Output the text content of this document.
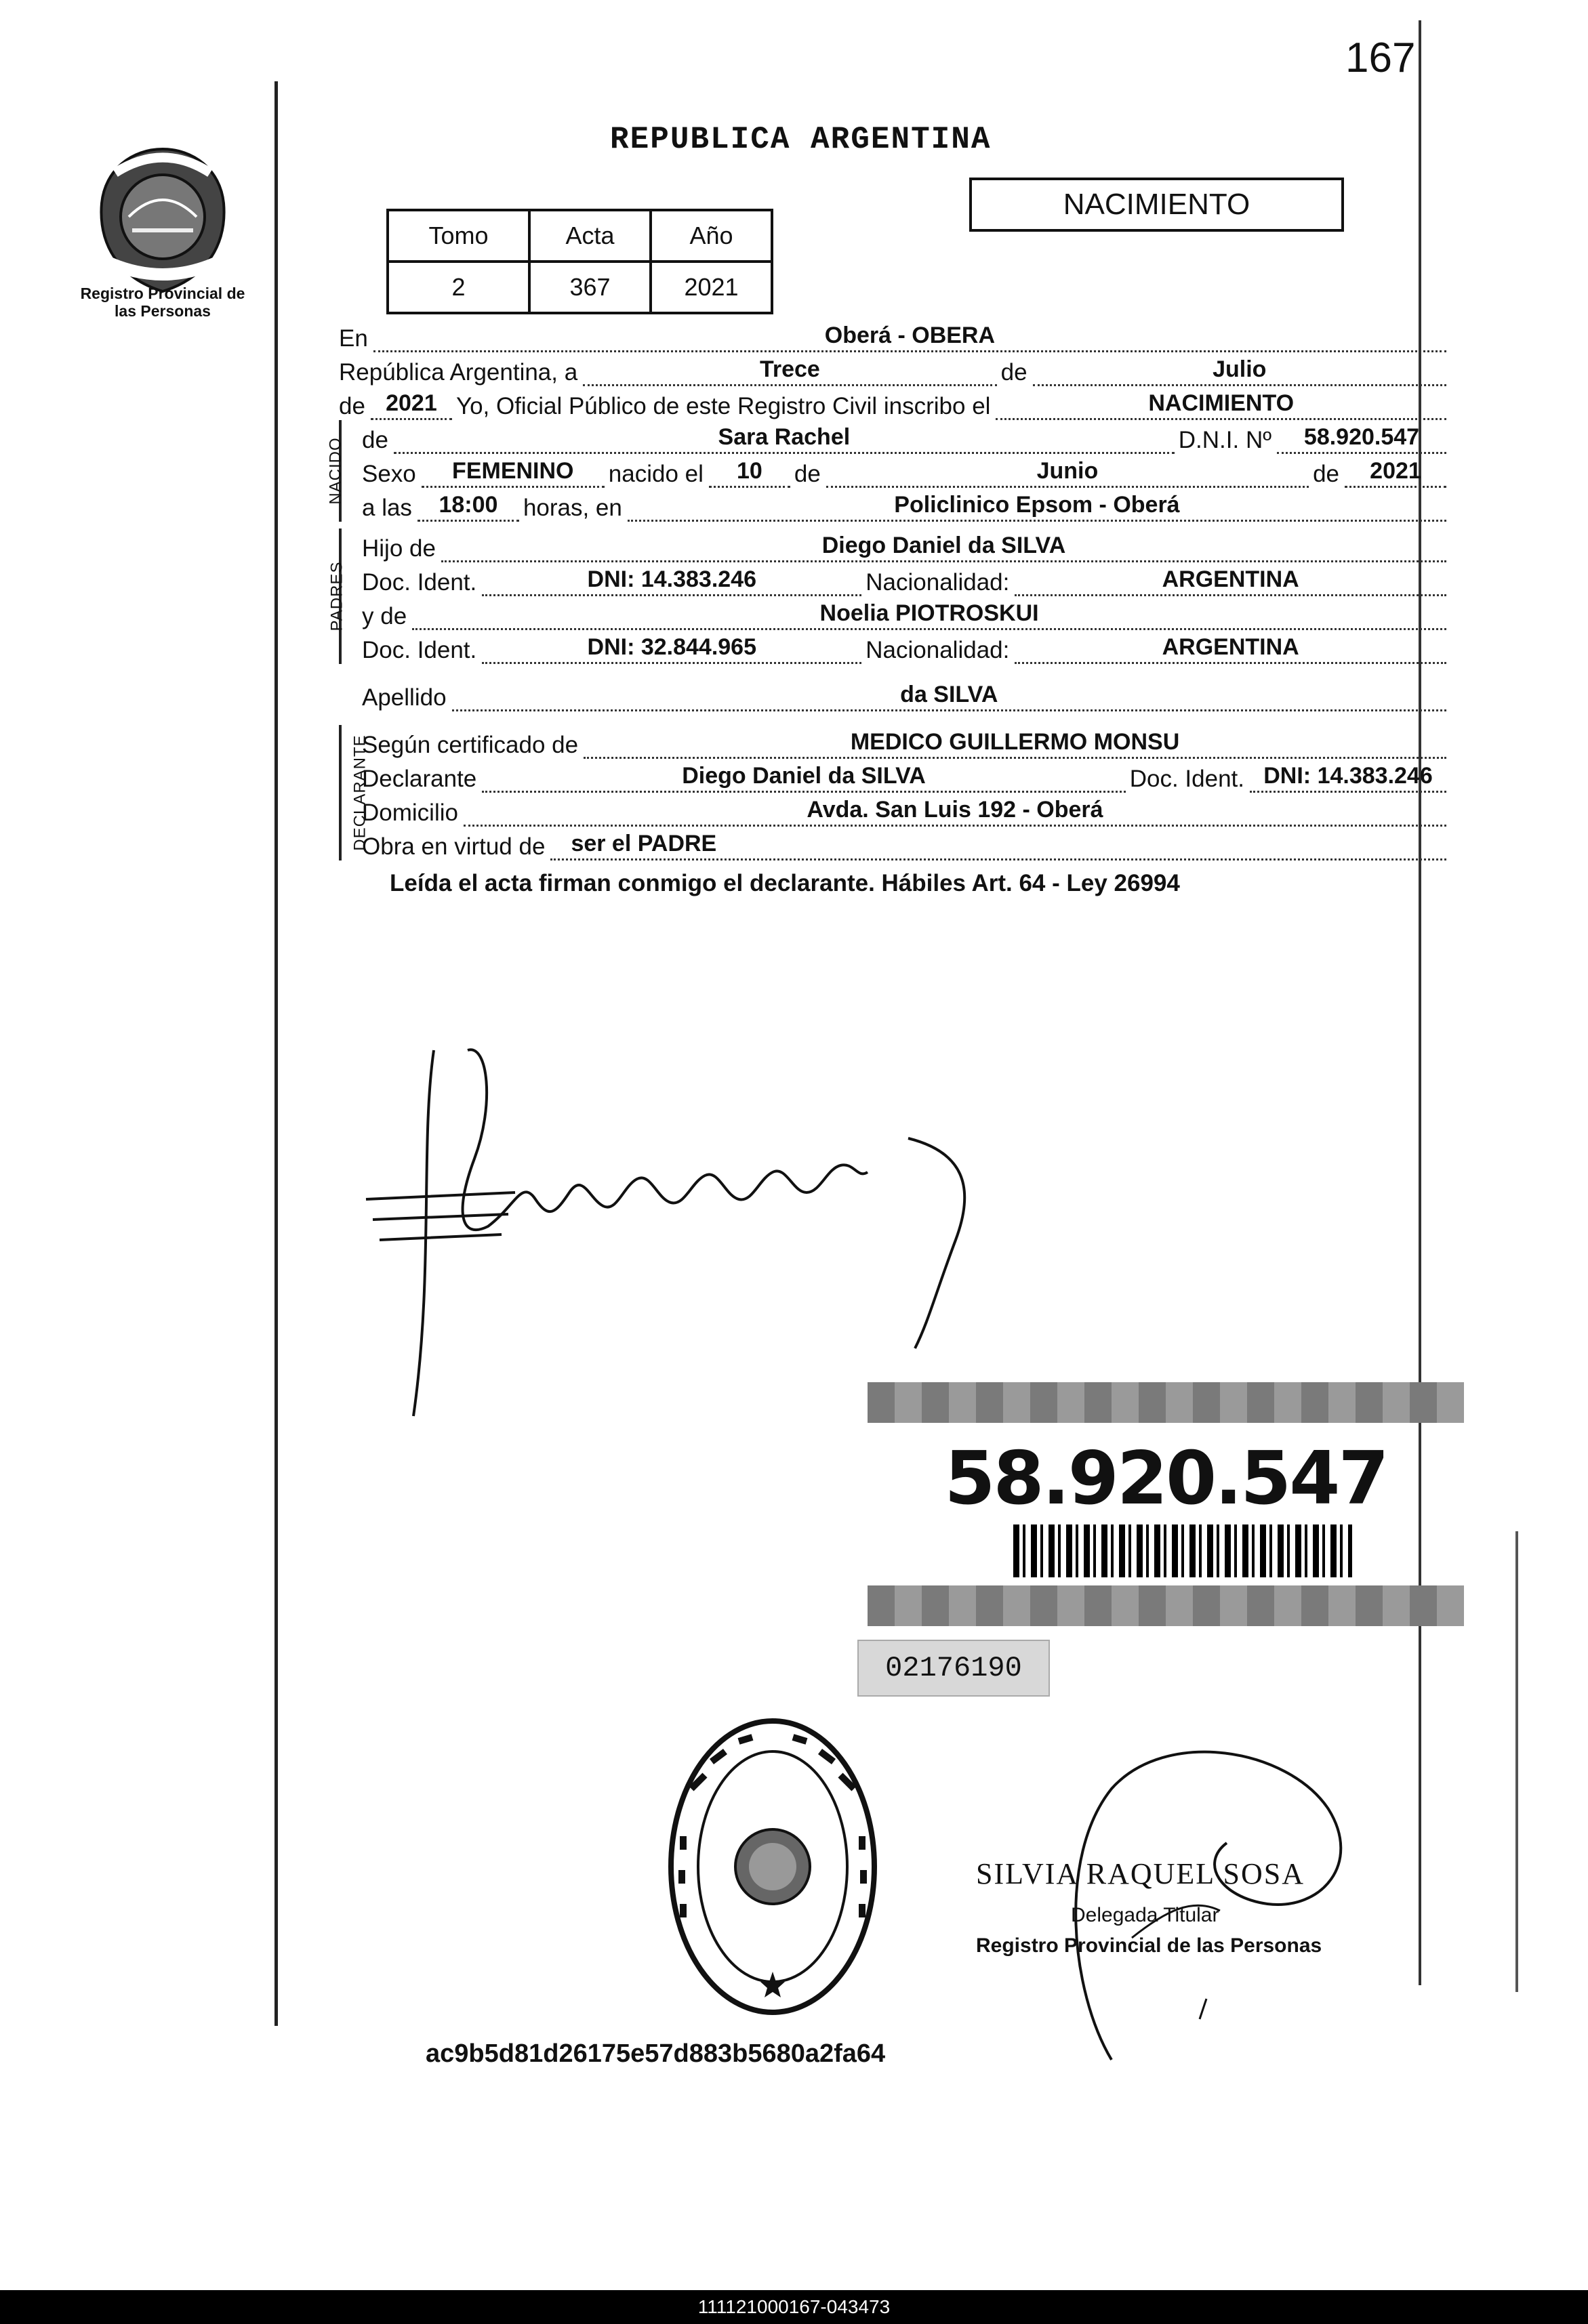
167
Registro Provincial de las Personas
REPUBLICA ARGENTINA
NACIMIENTO
Tomo	Acta	Año
2	367	2021
En	Oberá - OBERA
República Argentina, a	Trece	de	Julio
de 2021 Yo, Oficial Público de este Registro Civil inscribo el	NACIMIENTO
NACIDO de	Sara Rachel	D.N.I. Nº	58.920.547
Sexo	FEMENINO	nacido el	10	de	Junio	de	2021
a las	18:00	horas, en	Policlinico Epsom - Oberá
PADRES
Hijo de	Diego Daniel da SILVA
Doc. Ident.	DNI: 14.383.246	Nacionalidad:	ARGENTINA
y de	Noelia PIOTROSKUI
Doc. Ident.	DNI: 32.844.965	Nacionalidad:	ARGENTINA
Apellido	da SILVA
DECLARANTE
Según certificado de	MEDICO GUILLERMO MONSU
Declarante	Diego Daniel da SILVA	Doc. Ident. DNI: 14.383.246
Domicilio	Avda. San Luis 192 - Oberá
Obra en virtud de	ser el PADRE
Leída el acta firman conmigo el declarante. Hábiles Art. 64 - Ley 26994
58.920.547
02176190
SILVIA RAQUEL SOSA
Delegada Titular
Registro Provincial de las Personas
ac9b5d81d26175e57d883b5680a2fa64
111121000167-043473
